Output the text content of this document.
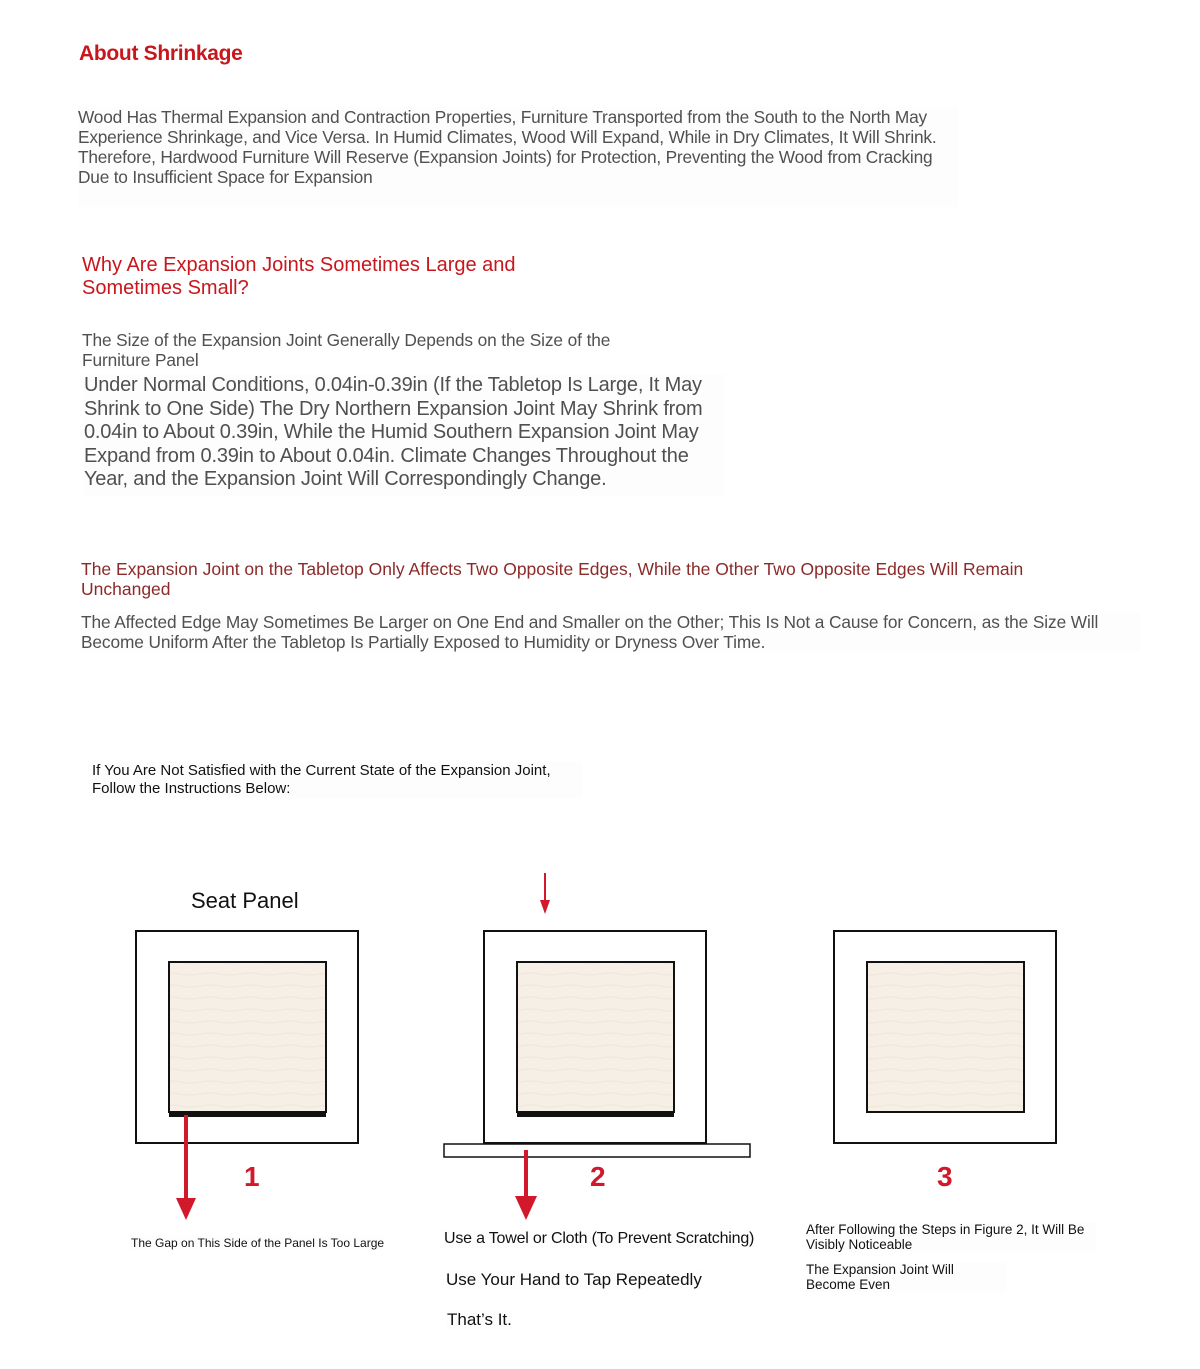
About Shrinkage
Wood Has Thermal Expansion and Contraction Properties, Furniture Transported from the South to the North May Experience Shrinkage, and Vice Versa. In Humid Climates, Wood Will Expand, While in Dry Climates, It Will Shrink. Therefore, Hardwood Furniture Will Reserve (Expansion Joints) for Protection, Preventing the Wood from Cracking Due to Insufficient Space for Expansion
Why Are Expansion Joints Sometimes Large and Sometimes Small?
The Size of the Expansion Joint Generally Depends on the Size of the Furniture Panel
Under Normal Conditions, 0.04in-0.39in (If the Tabletop Is Large, It May Shrink to One Side) The Dry Northern Expansion Joint May Shrink from 0.04in to About 0.39in, While the Humid Southern Expansion Joint May Expand from 0.39in to About 0.04in. Climate Changes Throughout the Year, and the Expansion Joint Will Correspondingly Change.
The Expansion Joint on the Tabletop Only Affects Two Opposite Edges, While the Other Two Opposite Edges Will Remain Unchanged
The Affected Edge May Sometimes Be Larger on One End and Smaller on the Other; This Is Not a Cause for Concern, as the Size Will Become Uniform After the Tabletop Is Partially Exposed to Humidity or Dryness Over Time.
If You Are Not Satisfied with the Current State of the Expansion Joint, Follow the Instructions Below:
Seat Panel
1	2	3
The Gap on This Side of the Panel Is Too Large	Use a Towel or Cloth (To Prevent Scratching)
Use Your Hand to Tap Repeatedly
That’s It.
After Following the Steps in Figure 2, It Will Be Visibly Noticeable
The Expansion Joint Will Become Even
